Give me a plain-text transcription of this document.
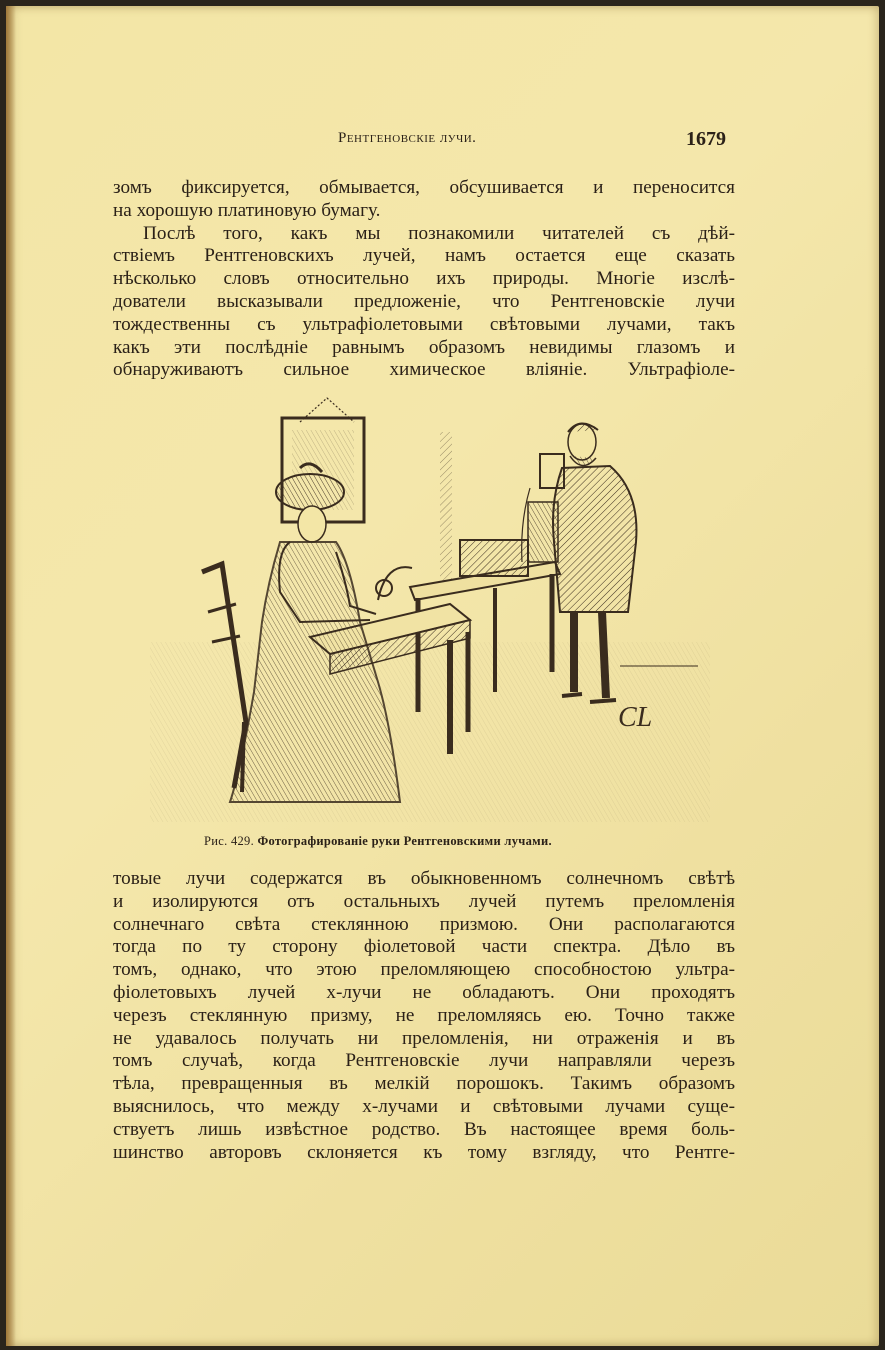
Рентгеновскіе лучи.	1679
зомъ фиксируется, обмывается, обсушивается и переносится
на хорошую платиновую бумагу.
Послѣ того, какъ мы познакомили читателей съ дѣй-
ствіемъ Рентгеновскихъ лучей, намъ остается еще сказать
нѣсколько словъ относительно ихъ природы. Многіе изслѣ-
дователи высказывали предложеніе, что Рентгеновскіе лучи
тождественны съ ультрафіолетовыми свѣтовыми лучами, такъ
какъ эти послѣдніе равнымъ образомъ невидимы глазомъ и
обнаруживаютъ сильное химическое вліяніе. Ультрафіоле-
CL
Рис. 429. Фотографированіе руки Рентгеновскими лучами.
товые лучи содержатся въ обыкновенномъ солнечномъ свѣтѣ
и изолируются отъ остальныхъ лучей путемъ преломленія
солнечнаго свѣта стеклянною призмою. Они располагаются
тогда по ту сторону фіолетовой части спектра. Дѣло въ
томъ, однако, что этою преломляющею способностою ультра-
фіолетовыхъ лучей x-лучи не обладаютъ. Они проходятъ
черезъ стеклянную призму, не преломляясь ею. Точно также
не удавалось получать ни преломленія, ни отраженія и въ
томъ случаѣ, когда Рентгеновскіе лучи направляли черезъ
тѣла, превращенныя въ мелкій порошокъ. Такимъ образомъ
выяснилось, что между x-лучами и свѣтовыми лучами суще-
ствуетъ лишь извѣстное родство. Въ настоящее время боль-
шинство авторовъ склоняется къ тому взгляду, что Рентге-
